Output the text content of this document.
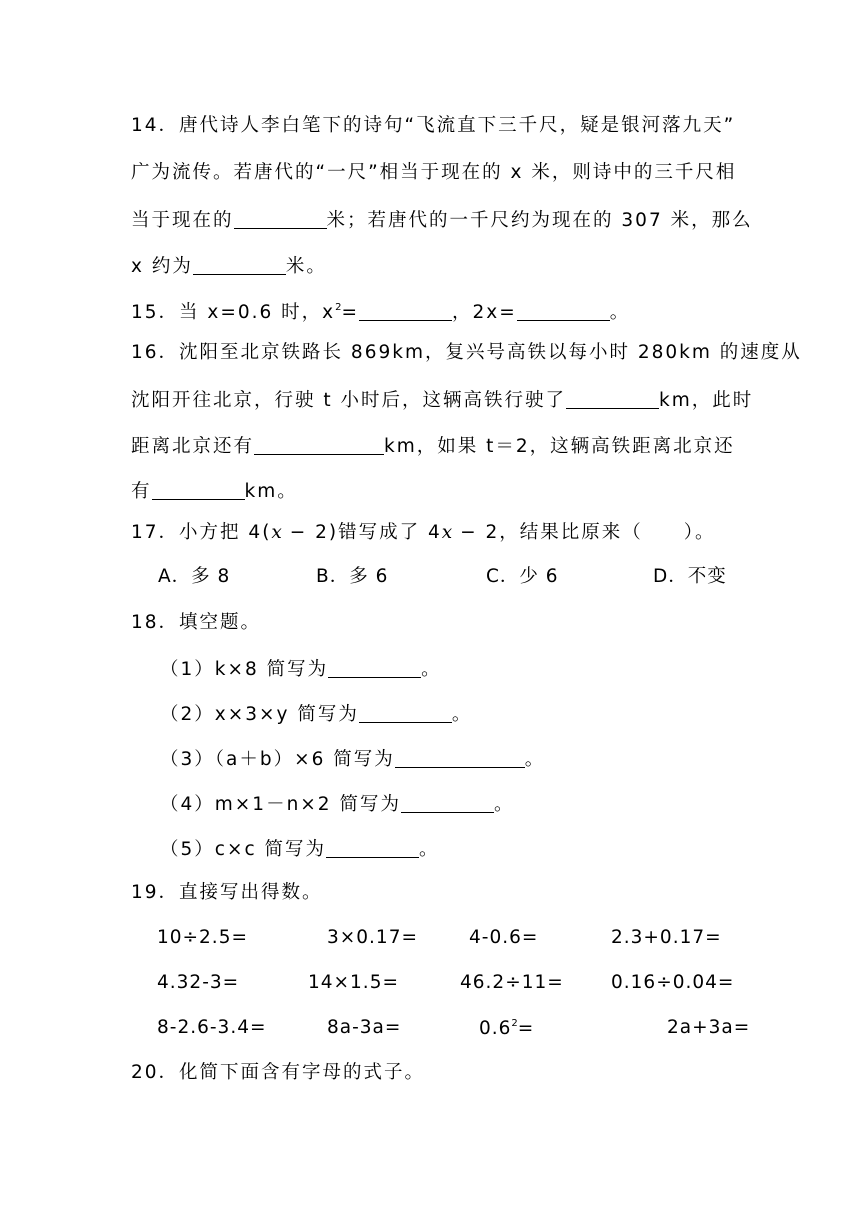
14．唐代诗人李白笔下的诗句“飞流直下三千尺，疑是银河落九天”
广为流传。若唐代的“一尺”相当于现在的 x 米，则诗中的三千尺相
当于现在的	米；若唐代的一千尺约为现在的 307 米，那么
x 约为	米。
15．当 x=0.6 时，$x^2=$	，2x=	。
16．沈阳至北京铁路长 869km，复兴号高铁以每小时 280km 的速度从
沈阳开往北京，行驶 t 小时后，这辆高铁行驶了	km，此时
距离北京还有	km，如果 t＝2，这辆高铁距离北京还
有	km。
17．小方把 4(x − 2)错写成了 4x − 2，结果比原来（　　）。
A．多 8	B．多 6	C．少 6	D．不变
18．填空题。
（1）k×8 简写为	。
（2）x×3×y 简写为	。
（3）（a＋b）×6 简写为	。
（4）m×1－n×2 简写为	。
（5）c×c 简写为	。
19．直接写出得数。
10÷2.5=	3×0.17=	4-0.6=	2.3+0.17=
4.32-3=	14×1.5=	46.2÷11=	0.16÷0.04=
8-2.6-3.4=	8a-3a=	$0.6^2=$	2a+3a=
20．化简下面含有字母的式子。
